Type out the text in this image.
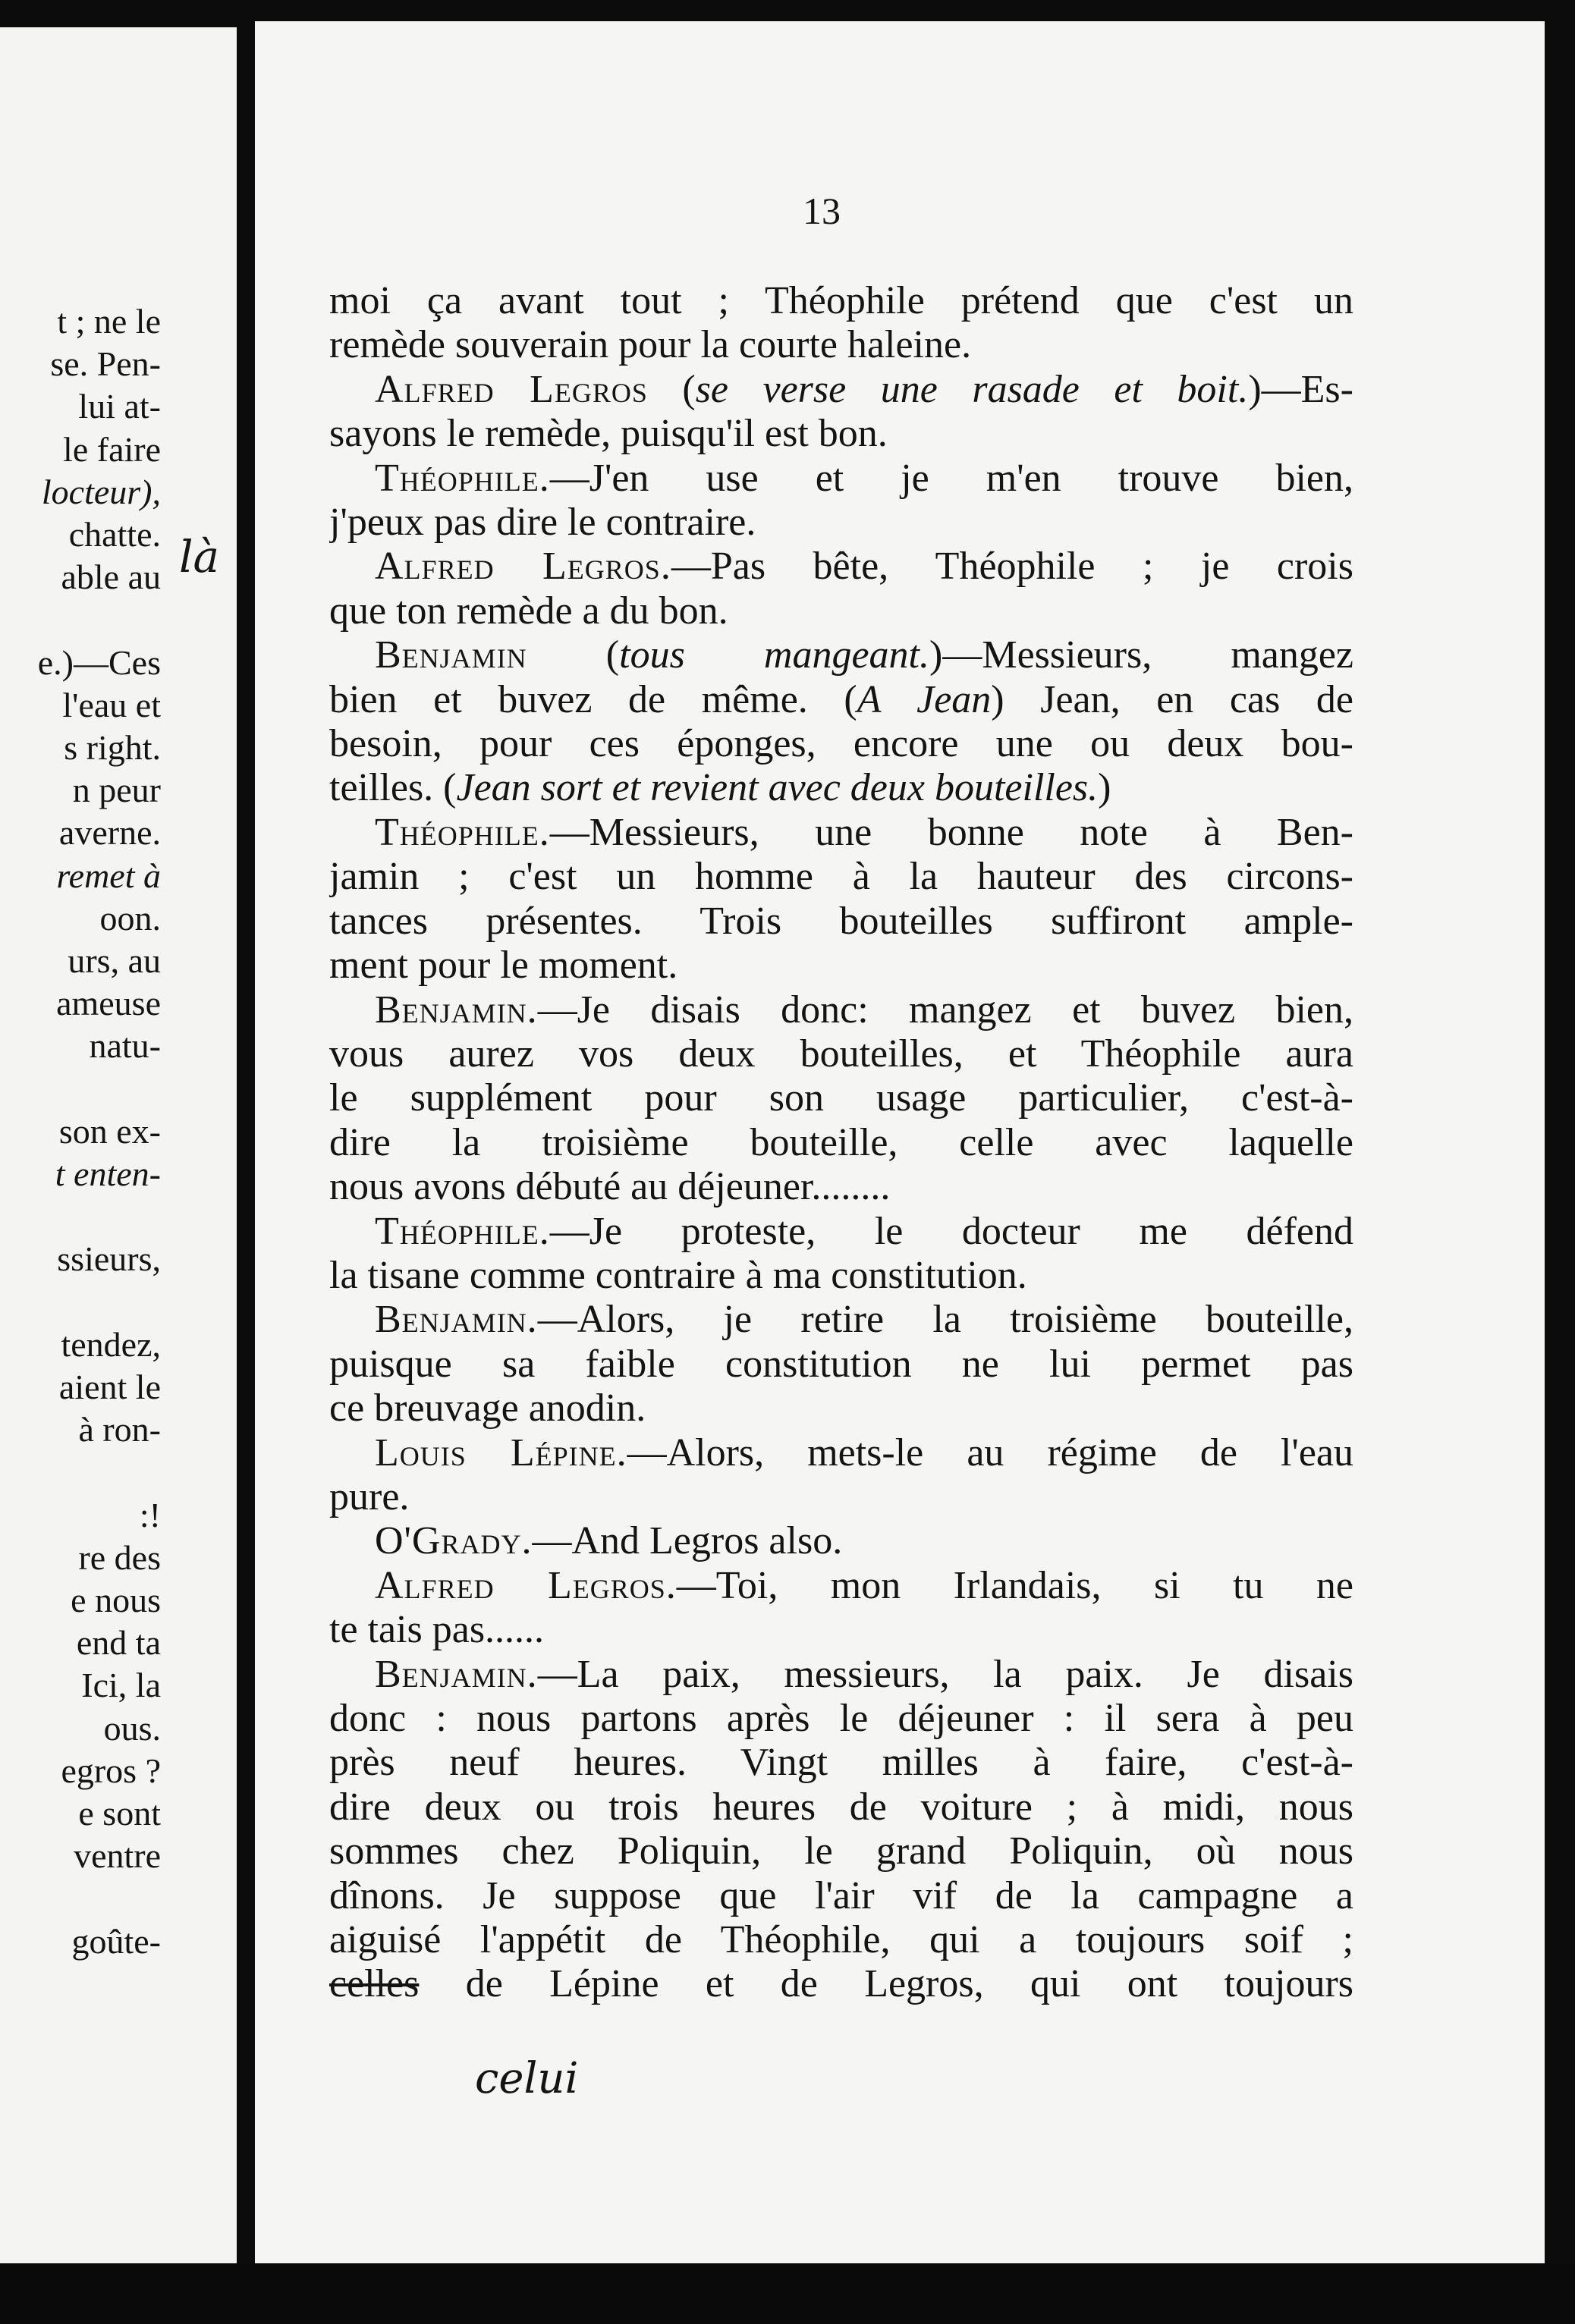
t ; ne le
se. Pen-
lui at-
le faire
locteur),
chatte.
able au
e.)—Ces
l'eau et
s right.
n peur
averne.
remet à
oon.
urs, au
ameuse
natu-
son ex-
t enten-
ssieurs,
tendez,
aient le
à ron-
:!
re des
e nous
end ta
Ici, la
ous.
egros ?
e sont
ventre
goûte-
là
13
moi ça avant tout ; Théophile prétend que c'est un
remède souverain pour la courte haleine.
Alfred Legros (se verse une rasade et boit.)—Es-
sayons le remède, puisqu'il est bon.
Théophile.—J'en use et je m'en trouve bien,
j'peux pas dire le contraire.
Alfred Legros.—Pas bête, Théophile ; je crois
que ton remède a du bon.
Benjamin (tous mangeant.)—Messieurs, mangez
bien et buvez de même. (A Jean) Jean, en cas de
besoin, pour ces éponges, encore une ou deux bou-
teilles. (Jean sort et revient avec deux bouteilles.)
Théophile.—Messieurs, une bonne note à Ben-
jamin ; c'est un homme à la hauteur des circons-
tances présentes. Trois bouteilles suffiront ample-
ment pour le moment.
Benjamin.—Je disais donc: mangez et buvez bien,
vous aurez vos deux bouteilles, et Théophile aura
le supplément pour son usage particulier, c'est-à-
dire la troisième bouteille, celle avec laquelle
nous avons débuté au déjeuner........
Théophile.—Je proteste, le docteur me défend
la tisane comme contraire à ma constitution.
Benjamin.—Alors, je retire la troisième bouteille,
puisque sa faible constitution ne lui permet pas
ce breuvage anodin.
Louis Lépine.—Alors, mets-le au régime de l'eau
pure.
O'Grady.—And Legros also.
Alfred Legros.—Toi, mon Irlandais, si tu ne
te tais pas......
Benjamin.—La paix, messieurs, la paix. Je disais
donc : nous partons après le déjeuner : il sera à peu
près neuf heures. Vingt milles à faire, c'est-à-
dire deux ou trois heures de voiture ; à midi, nous
sommes chez Poliquin, le grand Poliquin, où nous
dînons. Je suppose que l'air vif de la campagne a
aiguisé l'appétit de Théophile, qui a toujours soif ;
celles de Lépine et de Legros, qui ont toujours
celui
